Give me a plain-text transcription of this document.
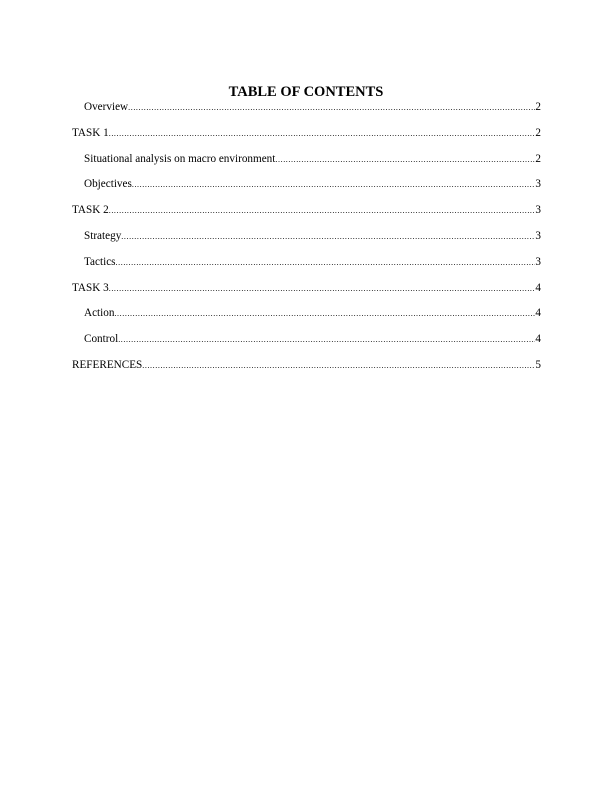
TABLE OF CONTENTS
Overview .....	2
TASK 1 .....	2
Situational analysis on macro environment .....	2
Objectives .....	3
TASK 2 .....	3
Strategy .....	3
Tactics .....	3
TASK 3 .....	4
Action .....	4
Control .....	4
REFERENCES .....	5
